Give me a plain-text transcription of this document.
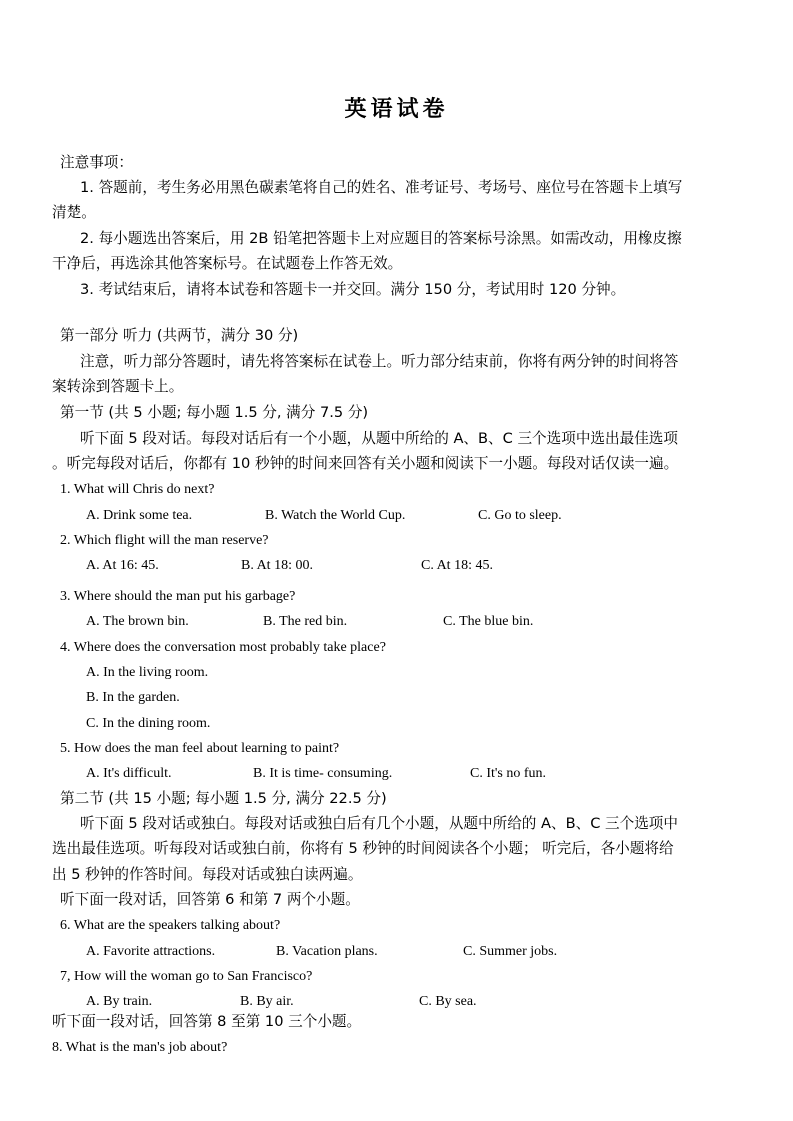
英语试卷
注意事项：
1. 答题前，考生务必用黑色碳素笔将自己的姓名、准考证号、考场号、座位号在答题卡上填写
清楚。
2. 每小题选出答案后，用 2B 铅笔把答题卡上对应题目的答案标号涂黑。如需改动，用橡皮擦
干净后，再选涂其他答案标号。在试题卷上作答无效。
3. 考试结束后，请将本试卷和答题卡一并交回。满分 150 分，考试用时 120 分钟。
第一部分 听力 (共两节，满分 30 分)
注意，听力部分答题时，请先将答案标在试卷上。听力部分结束前，你将有两分钟的时间将答
案转涂到答题卡上。
第一节 (共 5 小题; 每小题 1.5 分, 满分 7.5 分)
听下面 5 段对话。每段对话后有一个小题，从题中所给的 A、B、C 三个选项中选出最佳选项
。听完每段对话后，你都有 10 秒钟的时间来回答有关小题和阅读下一小题。每段对话仅读一遍。
1. What will Chris do next?
A. Drink some tea.	B. Watch the World Cup.	C. Go to sleep.
2. Which flight will the man reserve?
A. At 16: 45.	B. At 18: 00.	C. At 18: 45.
3. Where should the man put his garbage?
A. The brown bin.	B. The red bin.	C. The blue bin.
4. Where does the conversation most probably take place?
A. In the living room.
B. In the garden.
C. In the dining room.
5. How does the man feel about learning to paint?
A. It's difficult.	B. It is time- consuming.	C. It's no fun.
第二节 (共 15 小题; 每小题 1.5 分, 满分 22.5 分)
听下面 5 段对话或独白。每段对话或独白后有几个小题，从题中所给的 A、B、C 三个选项中
选出最佳选项。听每段对话或独白前，你将有 5 秒钟的时间阅读各个小题； 听完后，各小题将给
出 5 秒钟的作答时间。每段对话或独白读两遍。
听下面一段对话，回答第 6 和第 7 两个小题。
6. What are the speakers talking about?
A. Favorite attractions.	B. Vacation plans.	C. Summer jobs.
7, How will the woman go to San Francisco?
A. By train.	B. By air.	C. By sea.
听下面一段对话，回答第 8 至第 10 三个小题。
8. What is the man's job about?
